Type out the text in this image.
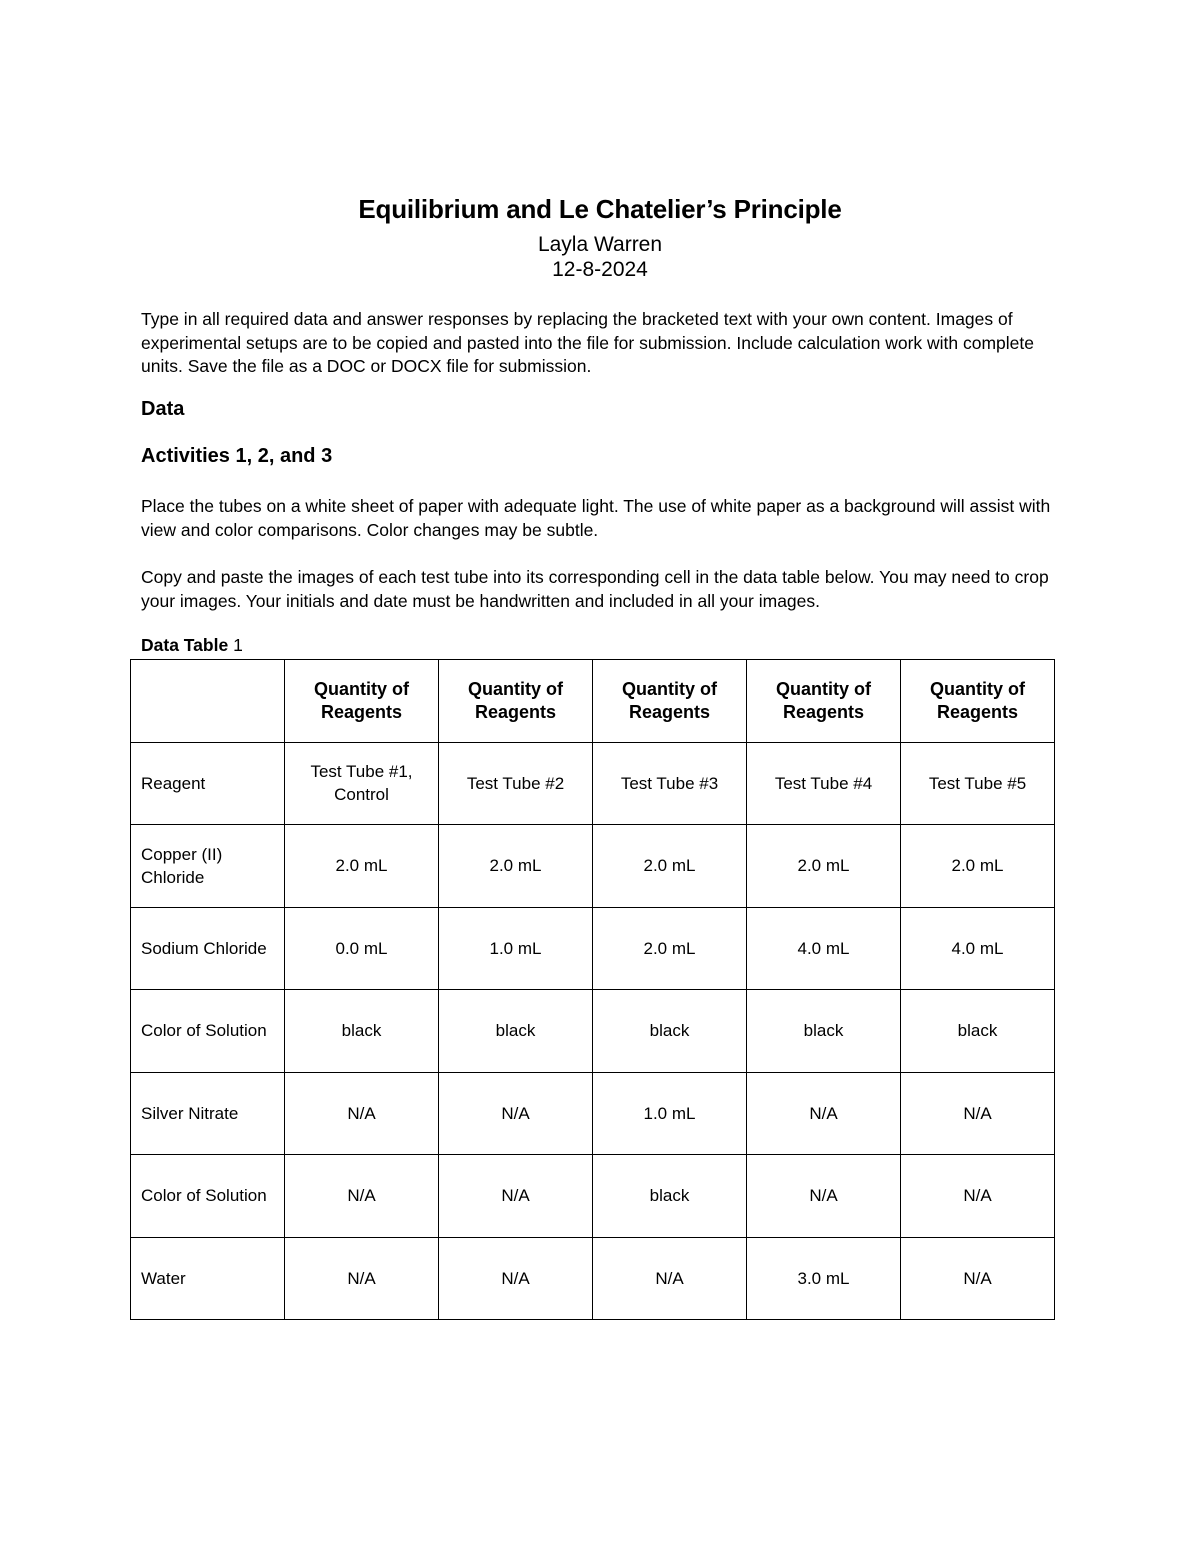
Equilibrium and Le Chatelier’s Principle
Layla Warren
12-8-2024
Type in all required data and answer responses by replacing the bracketed text with your own content. Images of experimental setups are to be copied and pasted into the file for submission. Include calculation work with complete units. Save the file as a DOC or DOCX file for submission.
Data
Activities 1, 2, and 3
Place the tubes on a white sheet of paper with adequate light. The use of white paper as a background will assist with view and color comparisons. Color changes may be subtle.
Copy and paste the images of each test tube into its corresponding cell in the data table below. You may need to crop your images. Your initials and date must be handwritten and included in all your images.
Data Table 1
	Quantity of Reagents	Quantity of Reagents	Quantity of Reagents	Quantity of Reagents	Quantity of Reagents
Reagent	Test Tube #1, Control	Test Tube #2	Test Tube #3	Test Tube #4	Test Tube #5
Copper (II) Chloride	2.0 mL	2.0 mL	2.0 mL	2.0 mL	2.0 mL
Sodium Chloride	0.0 mL	1.0 mL	2.0 mL	4.0 mL	4.0 mL
Color of Solution	black	black	black	black	black
Silver Nitrate	N/A	N/A	1.0 mL	N/A	N/A
Color of Solution	N/A	N/A	black	N/A	N/A
Water	N/A	N/A	N/A	3.0 mL	N/A
